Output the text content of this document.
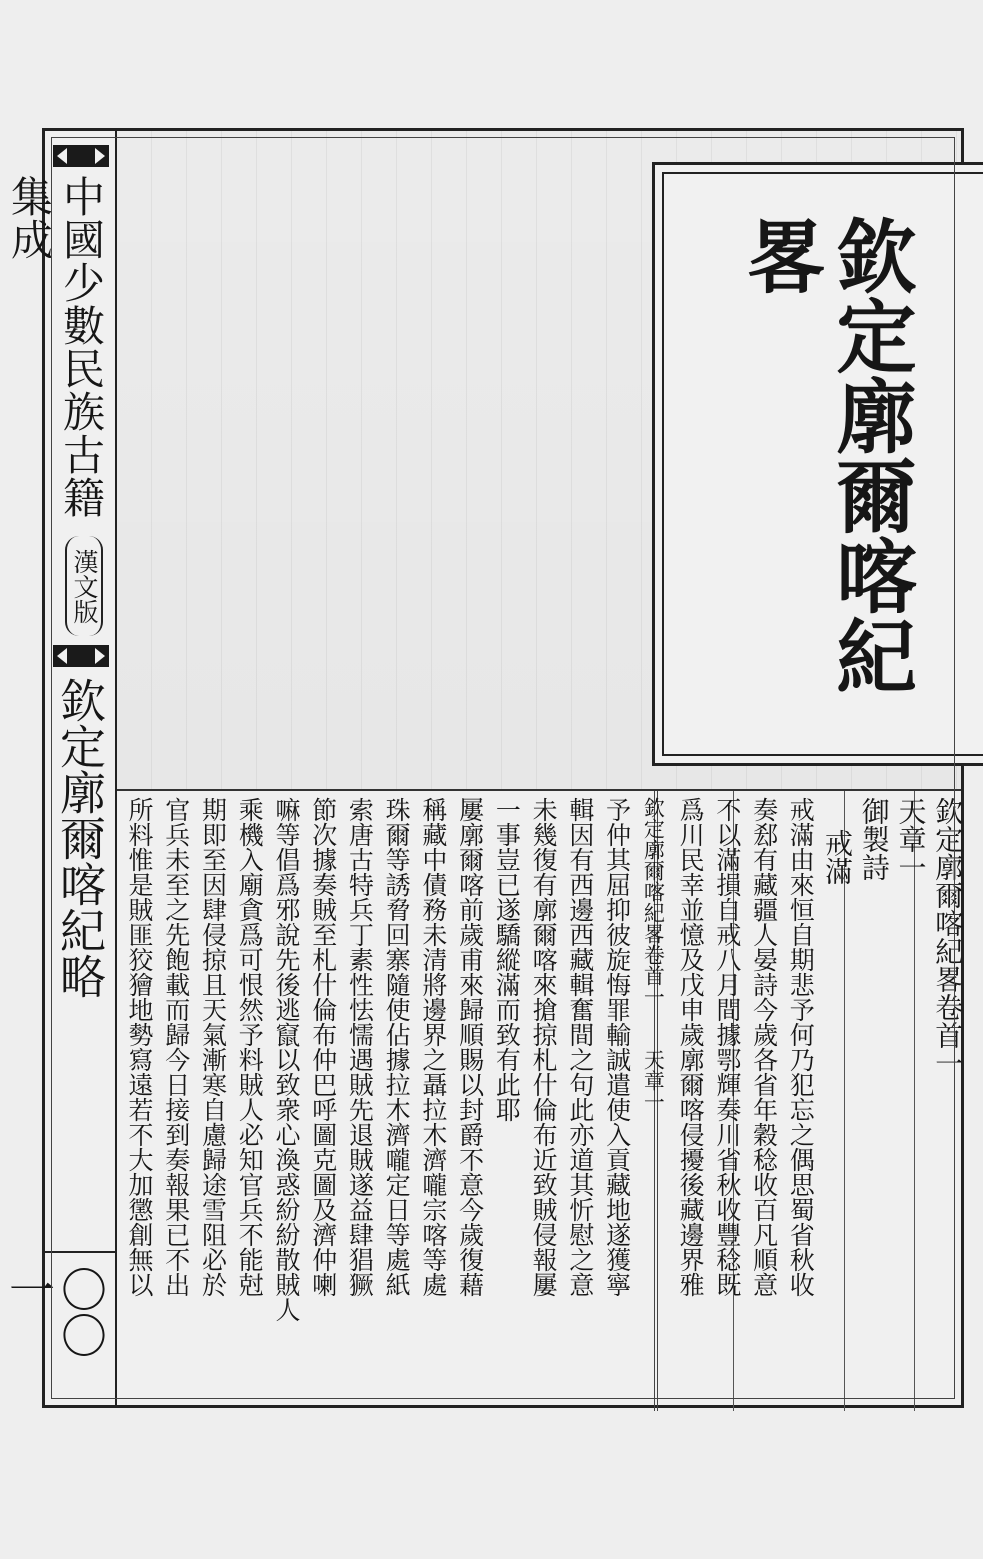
中國少數民族古籍集成
漢文版
欽定廓爾喀紀略
〇〇一
欽定廓爾喀紀畧
欽定廓爾喀紀畧卷首一
天章一
御製詩
戒滿
戒滿由來恒自期悲予何乃犯忘之偶思蜀省秋收
奏郄有藏疆人晏詩今歲各省年穀稔收百凡順意
不以滿損自戒八月間據鄂輝奏川省秋收豐稔既
爲川民幸並憶及戊申歲廓爾喀侵擾後藏邊界雅
欽定廓爾喀紀畧卷首一　　天章一
予仲其屈抑彼旋悔罪輸誠遣使入貢藏地遂獲寧
輯因有西邊西藏輯奮間之句此亦道其忻慰之意
未幾復有廓爾喀來搶掠札什倫布近致賊侵報屢
一事豈已遂驕縱滿而致有此耶
屢廓爾喀前歲甫來歸順賜以封爵不意今歲復藉
稱藏中債務未清將邊界之聶拉木濟嚨宗喀等處
珠爾等誘脅回寨隨使佔據拉木濟嚨定日等處紙
索唐古特兵丁素性怯懦遇賊先退賊遂益肆猖獗
節次據奏賊至札什倫布仲巴呼圖克圖及濟仲喇
嘛等倡爲邪說先後逃竄以致衆心渙惑紛紛散賊人
乘機入廟貪爲可恨然予料賊人必知官兵不能尅
期即至因肆侵掠且天氣漸寒自慮歸途雪阻必於
官兵未至之先飽載而歸今日接到奏報果已不出
所料惟是賊匪狡獪地勢寫遠若不大加懲創無以
